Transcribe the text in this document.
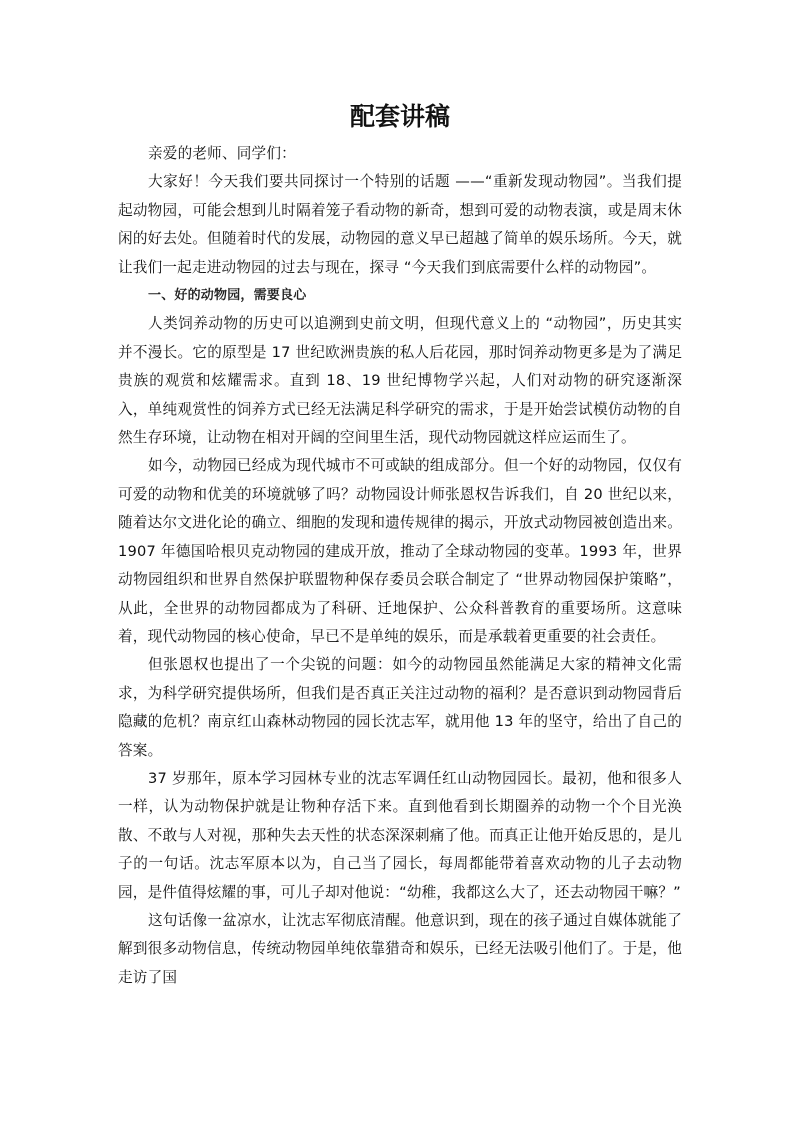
配套讲稿

亲爱的老师、同学们：

大家好！今天我们要共同探讨一个特别的话题 ——“重新发现动物园”。当我们提起动物园，可能会想到儿时隔着笼子看动物的新奇，想到可爱的动物表演，或是周末休闲的好去处。但随着时代的发展，动物园的意义早已超越了简单的娱乐场所。今天，就让我们一起走进动物园的过去与现在，探寻 “今天我们到底需要什么样的动物园”。

一、好的动物园，需要良心

人类饲养动物的历史可以追溯到史前文明，但现代意义上的 “动物园”，历史其实并不漫长。它的原型是 17 世纪欧洲贵族的私人后花园，那时饲养动物更多是为了满足贵族的观赏和炫耀需求。直到 18、19 世纪博物学兴起，人们对动物的研究逐渐深入，单纯观赏性的饲养方式已经无法满足科学研究的需求，于是开始尝试模仿动物的自然生存环境，让动物在相对开阔的空间里生活，现代动物园就这样应运而生了。

如今，动物园已经成为现代城市不可或缺的组成部分。但一个好的动物园，仅仅有可爱的动物和优美的环境就够了吗？动物园设计师张恩权告诉我们，自 20 世纪以来，随着达尔文进化论的确立、细胞的发现和遗传规律的揭示，开放式动物园被创造出来。1907 年德国哈根贝克动物园的建成开放，推动了全球动物园的变革。1993 年，世界动物园组织和世界自然保护联盟物种保存委员会联合制定了 “世界动物园保护策略”，从此，全世界的动物园都成为了科研、迁地保护、公众科普教育的重要场所。这意味着，现代动物园的核心使命，早已不是单纯的娱乐，而是承载着更重要的社会责任。

但张恩权也提出了一个尖锐的问题：如今的动物园虽然能满足大家的精神文化需求，为科学研究提供场所，但我们是否真正关注过动物的福利？是否意识到动物园背后隐藏的危机？南京红山森林动物园的园长沈志军，就用他 13 年的坚守，给出了自己的答案。

37 岁那年，原本学习园林专业的沈志军调任红山动物园园长。最初，他和很多人一样，认为动物保护就是让物种存活下来。直到他看到长期圈养的动物一个个目光涣散、不敢与人对视，那种失去天性的状态深深刺痛了他。而真正让他开始反思的，是儿子的一句话。沈志军原本以为，自己当了园长，每周都能带着喜欢动物的儿子去动物园，是件值得炫耀的事，可儿子却对他说：“幼稚，我都这么大了，还去动物园干嘛？”

这句话像一盆凉水，让沈志军彻底清醒。他意识到，现在的孩子通过自媒体就能了解到很多动物信息，传统动物园单纯依靠猎奇和娱乐，已经无法吸引他们了。于是，他走访了国
